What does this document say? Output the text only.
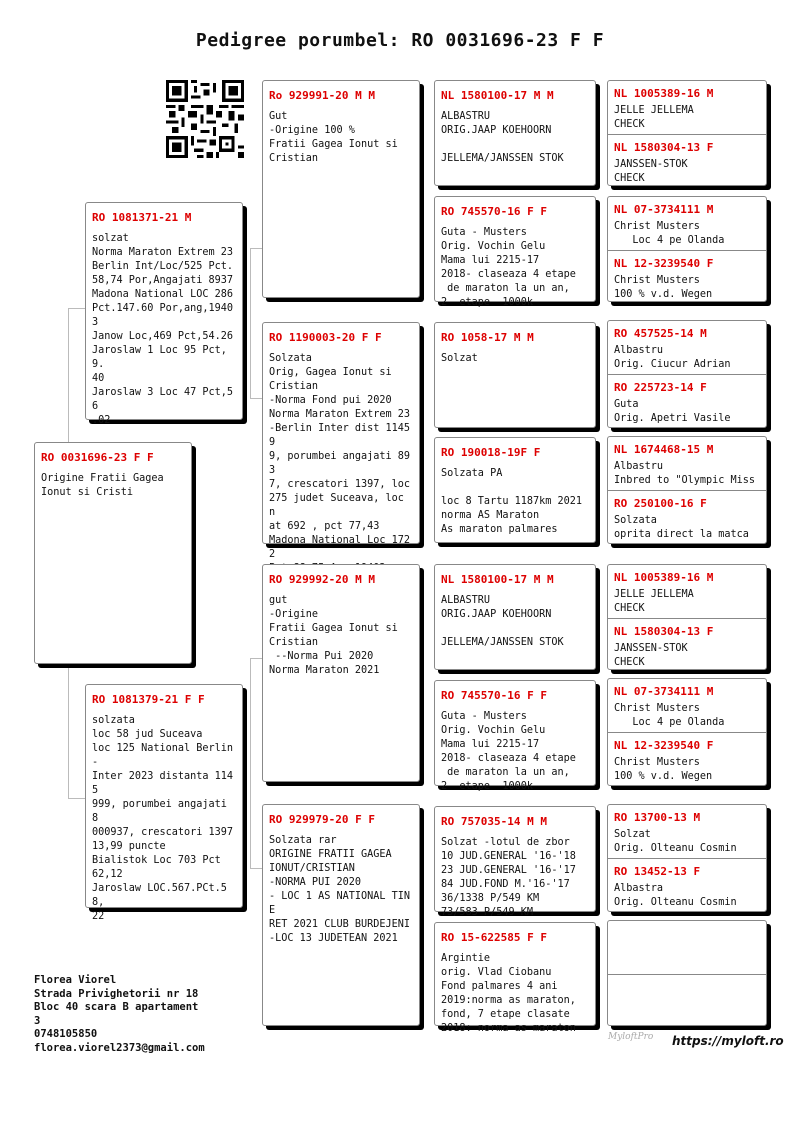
Pedigree porumbel: RO 0031696-23 F F
RO 0031696-23 F F
Origine Fratii Gagea
Ionut si Cristi
RO 1081371-21 M
solzat
Norma Maraton Extrem 23
Berlin Int/Loc/525 Pct.
58,74 Por,Angajati 8937
Madona National LOC 286
Pct.147.60 Por,ang,19403
Janow Loc,469 Pct,54.26
Jaroslaw 1 Loc 95 Pct,9.
40
Jaroslaw 3 Loc 47 Pct,56
.02
RO 1081379-21 F F
solzata
loc 58 jud Suceava
loc 125 National Berlin-
Inter 2023 distanta 1145
999, porumbei angajati 8
000937, crescatori 1397
13,99 puncte
Bialistok Loc 703 Pct
62,12
Jaroslaw LOC.567.PCt.58,
22
Ro 929991-20 M M
Gut
-Origine 100 %
Fratii Gagea Ionut si
Cristian
RO 1190003-20 F F
Solzata
Orig, Gagea Ionut si
Cristian
-Norma Fond pui 2020
Norma Maraton Extrem 23
-Berlin Inter dist 11459
9, porumbei angajati 893
7, crescatori 1397, loc
275 judet Suceava, loc n
at 692 , pct 77,43
Madona National Loc 1722

RO 929992-20 M M
gut
-Origine
Fratii Gagea Ionut si
Cristian
--Norma Pui 2020
Norma Maraton 2021
RO 929979-20 F F
Solzata rar
ORIGINE FRATII GAGEA
IONUT/CRISTIAN
-NORMA PUI 2020
- LOC 1 AS NATIONAL TINE
RET 2021 CLUB BURDEJENI
-LOC 13 JUDETEAN 2021
NL 1580100-17 M M
ALBASTRU
ORIG.JAAP KOEHOORN

JELLEMA/JANSSEN STOK
RO 745570-16 F F
Guta - Musters
Orig. Vochin Gelu
Mama lui 2215-17
2018- claseaza 4 etape
de maraton la un an,
2  etape  1000k
RO 1058-17 M M
Solzat
RO 190018-19F F
Solzata PA

loc 8 Tartu 1187km 2021
norma AS Maraton
As maraton palmares
NL 1580100-17 M M
ALBASTRU
ORIG.JAAP KOEHOORN

JELLEMA/JANSSEN STOK
RO 745570-16 F F
Guta - Musters
Orig. Vochin Gelu
Mama lui 2215-17
2018- claseaza 4 etape
de maraton la un an,
2  etape  1000k
RO 757035-14 M M
Solzat -lotul de zbor
10 JUD.GENERAL '16-'18
23 JUD.GENERAL '16-'17
84 JUD.FOND M.'16-'17
36/1338 P/549 KM
73/583 P/549 KM
RO 15-622585 F F
Argintie
orig. Vlad Ciobanu
Fond palmares 4 ani
2019:norma as maraton,
fond, 7 etape clasate
2018: norma as maraton
NL 1005389-16 M
JELLE JELLEMA
CHECK
NL 1580304-13 F
JANSSEN-STOK
CHECK
NL 07-3734111 M
Christ Musters
Loc 4 pe Olanda
NL 12-3239540 F
Christ Musters
100 % v.d. Wegen
RO 457525-14 M
Albastru
Orig. Ciucur Adrian
RO 225723-14 F
Guta
Orig. Apetri Vasile
NL 1674468-15 M
Albastru
Inbred to "Olympic Miss
RO 250100-16 F
Solzata
oprita direct la matca
NL 1005389-16 M
JELLE JELLEMA
CHECK
NL 1580304-13 F
JANSSEN-STOK
CHECK
NL 07-3734111 M
Christ Musters
Loc 4 pe Olanda
NL 12-3239540 F
Christ Musters
100 % v.d. Wegen
RO 13700-13 M
Solzat
Orig. Olteanu Cosmin
RO 13452-13 F
Albastra
Orig. Olteanu Cosmin
Florea Viorel
Strada Privighetorii nr 18
Bloc 40 scara B apartament
3
0748105850
florea.viorel2373@gmail.com
MyloftPro https://myloft.ro
